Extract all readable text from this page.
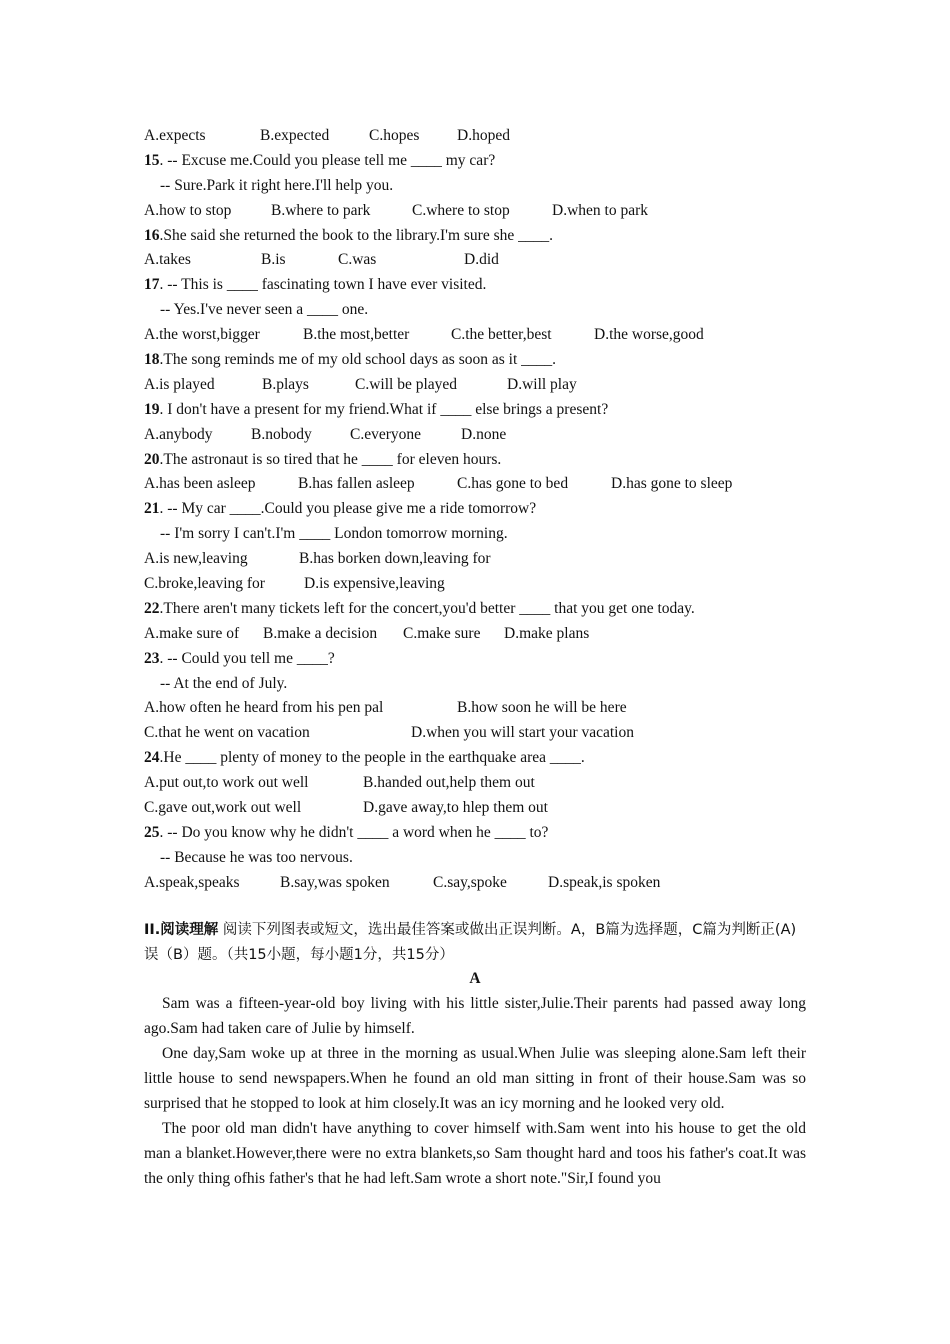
A.expects	B.expected	C.hopes D.hoped
15. -- Excuse me.Could you please tell me ____ my car?
-- Sure.Park it right here.I'll help you.
A.how to stop	B.where to park	C.where to stop	D.when to park
16.She said she returned the book to the library.I'm sure she ____.
A.takes	B.is	C.was	D.did
17. -- This is ____ fascinating town I have ever visited.
-- Yes.I've never seen a ____ one.
A.the worst,bigger	B.the most,better	C.the better,best	D.the worse,good
18.The song reminds me of my old school days as soon as it ____.
A.is played	B.plays	C.will be played	D.will play
19. I don't have a present for my friend.What if ____ else brings a present?
A.anybody B.nobody C.everyone	D.none
20.The astronaut is so tired that he ____ for eleven hours.
A.has been asleep	B.has fallen asleep	C.has gone to bed	D.has gone to sleep
21. -- My car ____.Could you please give me a ride tomorrow?
-- I'm sorry I can't.I'm ____ London tomorrow morning.
A.is new,leaving	B.has borken down,leaving for
C.broke,leaving for	D.is expensive,leaving
22.There aren't many tickets left for the concert,you'd better ____ that you get one today.
A.make sure of B.make a decision C.make sure D.make plans
23. -- Could you tell me ____?
-- At the end of July.
A.how often he heard from his pen pal	B.how soon he will be here
C.that he went on vacation	D.when you will start your vacation
24.He ____ plenty of money to the people in the earthquake area ____.
A.put out,to work out well	B.handed out,help them out
C.gave out,work out well	D.gave away,to hlep them out
25. -- Do you know why he didn't ____ a word when he ____ to?
-- Because he was too nervous.
A.speak,speaks	B.say,was spoken	C.say,spoke	D.speak,is spoken
II.阅读理解 阅读下列图表或短文，选出最佳答案或做出正误判断。A，B篇为选择题，C篇为判断正(A)误（B）题。（共15小题，每小题1分，共15分）
A

Sam was a fifteen-year-old boy living with his little sister,Julie.Their parents had passed away long ago.Sam had taken care of Julie by himself.

One day,Sam woke up at three in the morning as usual.When Julie was sleeping alone.Sam left their little house to send newspapers.When he found an old man sitting in front of their house.Sam was so surprised that he stopped to look at him closely.It was an icy morning and he looked very old.

The poor old man didn't have anything to cover himself with.Sam went into his house to get the old man a blanket.However,there were no extra blankets,so Sam thought hard and toos his father's coat.It was the only thing ofhis father's that he had left.Sam wrote a short note."Sir,I found you
